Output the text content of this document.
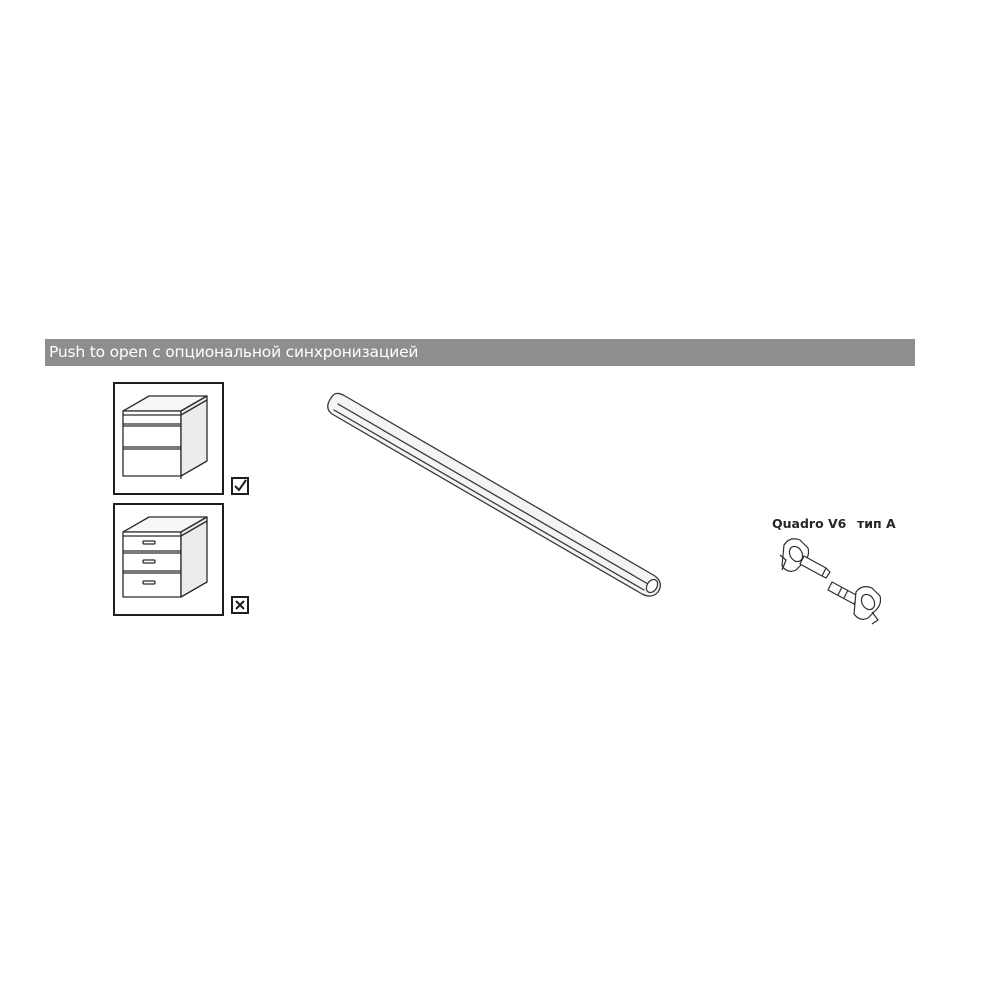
Push to open с опциональной синхронизацией
Quadro V6 тип A
